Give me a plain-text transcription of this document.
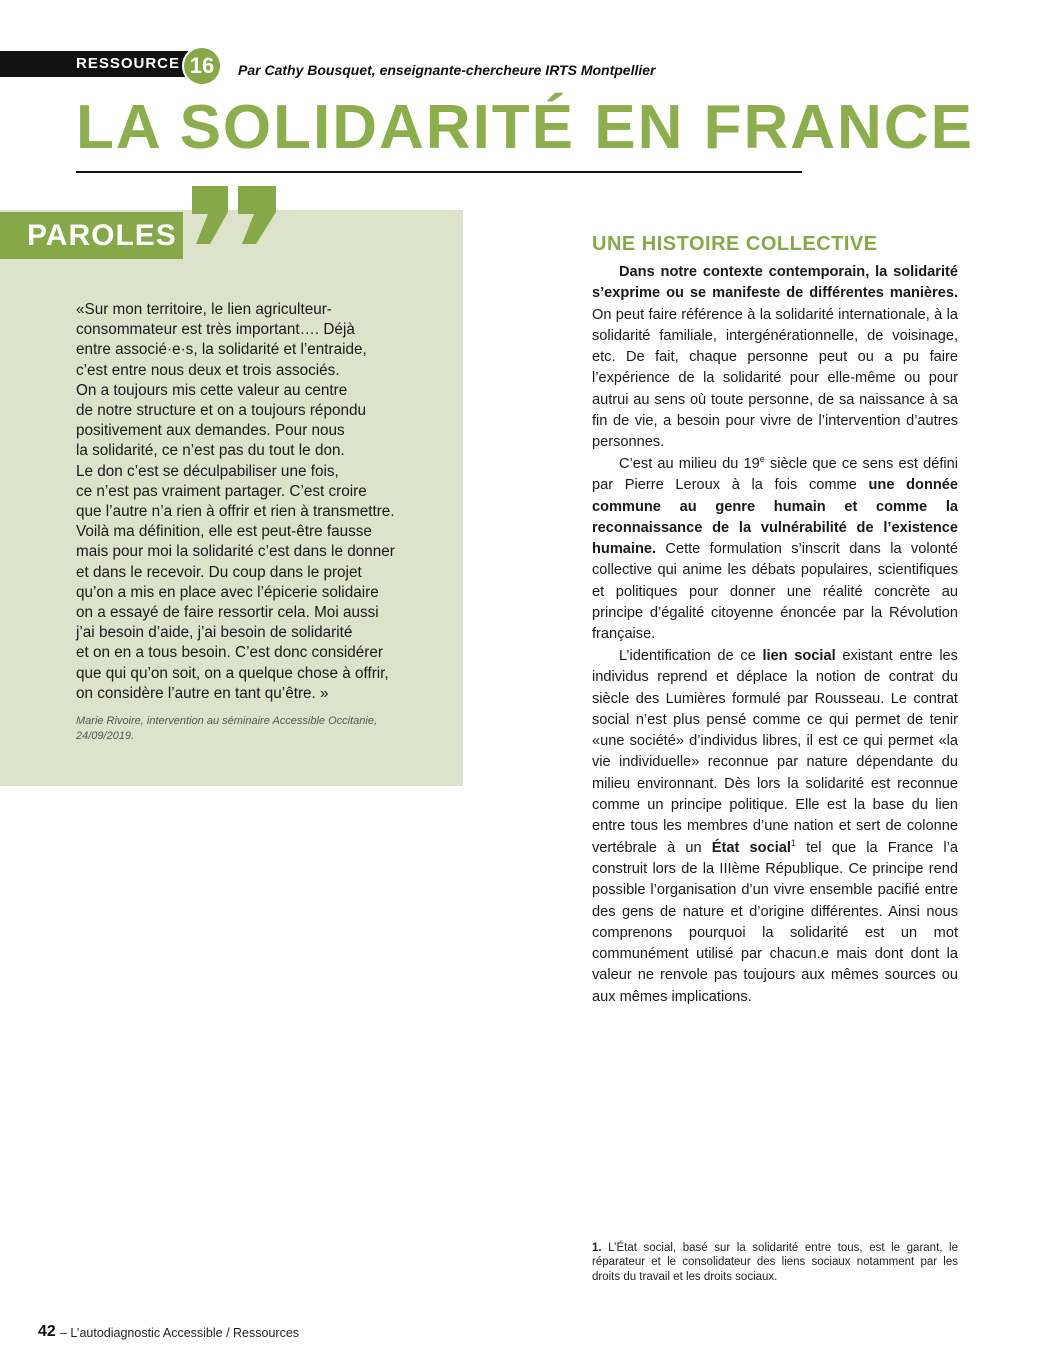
RESSOURCE 16	Par Cathy Bousquet, enseignante-chercheure IRTS Montpellier
LA SOLIDARITÉ EN FRANCE
PAROLES

«Sur mon territoire, le lien agriculteur-
consommateur est très important…. Déjà
entre associé·e·s, la solidarité et l’entraide,
c’est entre nous deux et trois associés.
On a toujours mis cette valeur au centre
de notre structure et on a toujours répondu
positivement aux demandes. Pour nous
la solidarité, ce n’est pas du tout le don.
Le don c’est se déculpabiliser une fois,
ce n’est pas vraiment partager. C’est croire
que l’autre n’a rien à offrir et rien à transmettre.
Voilà ma définition, elle est peut-être fausse
mais pour moi la solidarité c’est dans le donner
et dans le recevoir. Du coup dans le projet
qu’on a mis en place avec l’épicerie solidaire
on a essayé de faire ressortir cela. Moi aussi
j’ai besoin d’aide, j’ai besoin de solidarité
et on en a tous besoin. C’est donc considérer
que qui qu’on soit, on a quelque chose à offrir,
on considère l’autre en tant qu’être. »

Marie Rivoire, intervention au séminaire Accessible Occitanie, 24/09/2019.

UNE HISTOIRE COLLECTIVE

Dans notre contexte contemporain, la solidarité s’exprime ou se manifeste de différentes manières. On peut faire référence à la solidarité internationale, à la solidarité familiale, intergénérationnelle, de voisinage, etc. De fait, chaque personne peut ou a pu faire l’expérience de la solidarité pour elle-même ou pour autrui au sens où toute personne, de sa naissance à sa fin de vie, a besoin pour vivre de l’intervention d’autres personnes.

C’est au milieu du 19e siècle que ce sens est défini par Pierre Leroux à la fois comme une donnée commune au genre humain et comme la reconnaissance de la vulnérabilité de l’existence humaine. Cette formulation s’inscrit dans la volonté collective qui anime les débats populaires, scientifiques et politiques pour donner une réalité concrète au principe d’égalité citoyenne énoncée par la Révolution française.

L’identification de ce lien social existant entre les individus reprend et déplace la notion de contrat du siècle des Lumières formulé par Rousseau. Le contrat social n’est plus pensé comme ce qui permet de tenir «une société» d’individus libres, il est ce qui permet «la vie individuelle» reconnue par nature dépendante du milieu environnant. Dès lors la solidarité est reconnue comme un principe politique. Elle est la base du lien entre tous les membres d’une nation et sert de colonne vertébrale à un État social$^1$ tel que la France l’a construit lors de la IIIème République. Ce principe rend possible l’organisation d’un vivre ensemble pacifié entre des gens de nature et d’origine différentes. Ainsi nous comprenons pourquoi la solidarité est un mot communément utilisé par chacun.e mais dont dont la valeur ne renvole pas toujours aux mêmes sources ou aux mêmes implications.

1. L’État social, basé sur la solidarité entre tous, est le garant, le réparateur et le consolidateur des liens sociaux notamment par les droits du travail et les droits sociaux.

42 – L’autodiagnostic Accessible / Ressources
